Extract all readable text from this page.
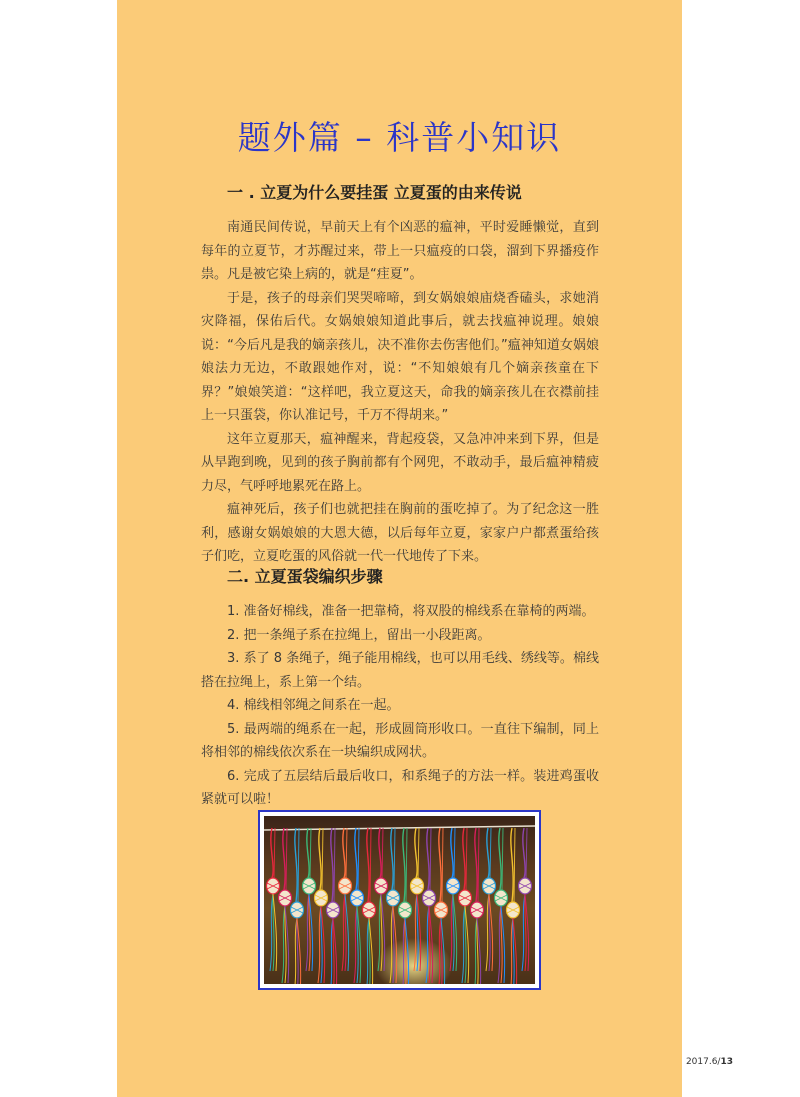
题外篇 – 科普小知识
一 . 立夏为什么要挂蛋 立夏蛋的由来传说

南通民间传说，早前天上有个凶恶的瘟神，平时爱睡懒觉，直到每年的立夏节，才苏醒过来，带上一只瘟疫的口袋，溜到下界播疫作祟。凡是被它染上病的，就是“疰夏”。

于是，孩子的母亲们哭哭啼啼，到女娲娘娘庙烧香磕头，求她消灾降福，保佑后代。女娲娘娘知道此事后，就去找瘟神说理。娘娘说：“今后凡是我的嫡亲孩儿，决不准你去伤害他们。”瘟神知道女娲娘娘法力无边，不敢跟她作对，说：“不知娘娘有几个嫡亲孩童在下界？”娘娘笑道：“这样吧，我立夏这天，命我的嫡亲孩儿在衣襟前挂上一只蛋袋，你认准记号，千万不得胡来。”

这年立夏那天，瘟神醒来，背起疫袋，又急冲冲来到下界，但是从早跑到晚，见到的孩子胸前都有个网兜，不敢动手，最后瘟神精疲力尽，气呼呼地累死在路上。

瘟神死后，孩子们也就把挂在胸前的蛋吃掉了。为了纪念这一胜利，感谢女娲娘娘的大恩大德，以后每年立夏，家家户户都煮蛋给孩子们吃，立夏吃蛋的风俗就一代一代地传了下来。

二. 立夏蛋袋编织步骤

1. 准备好棉线，准备一把靠椅，将双股的棉线系在靠椅的两端。

2. 把一条绳子系在拉绳上，留出一小段距离。

3. 系了 8 条绳子，绳子能用棉线，也可以用毛线、绣线等。棉线搭在拉绳上，系上第一个结。

4. 棉线相邻绳之间系在一起。

5. 最两端的绳系在一起，形成圆筒形收口。一直往下编制，同上将相邻的棉线依次系在一块编织成网状。

6. 完成了五层结后最后收口，和系绳子的方法一样。装进鸡蛋收紧就可以啦！

2017.6/13
